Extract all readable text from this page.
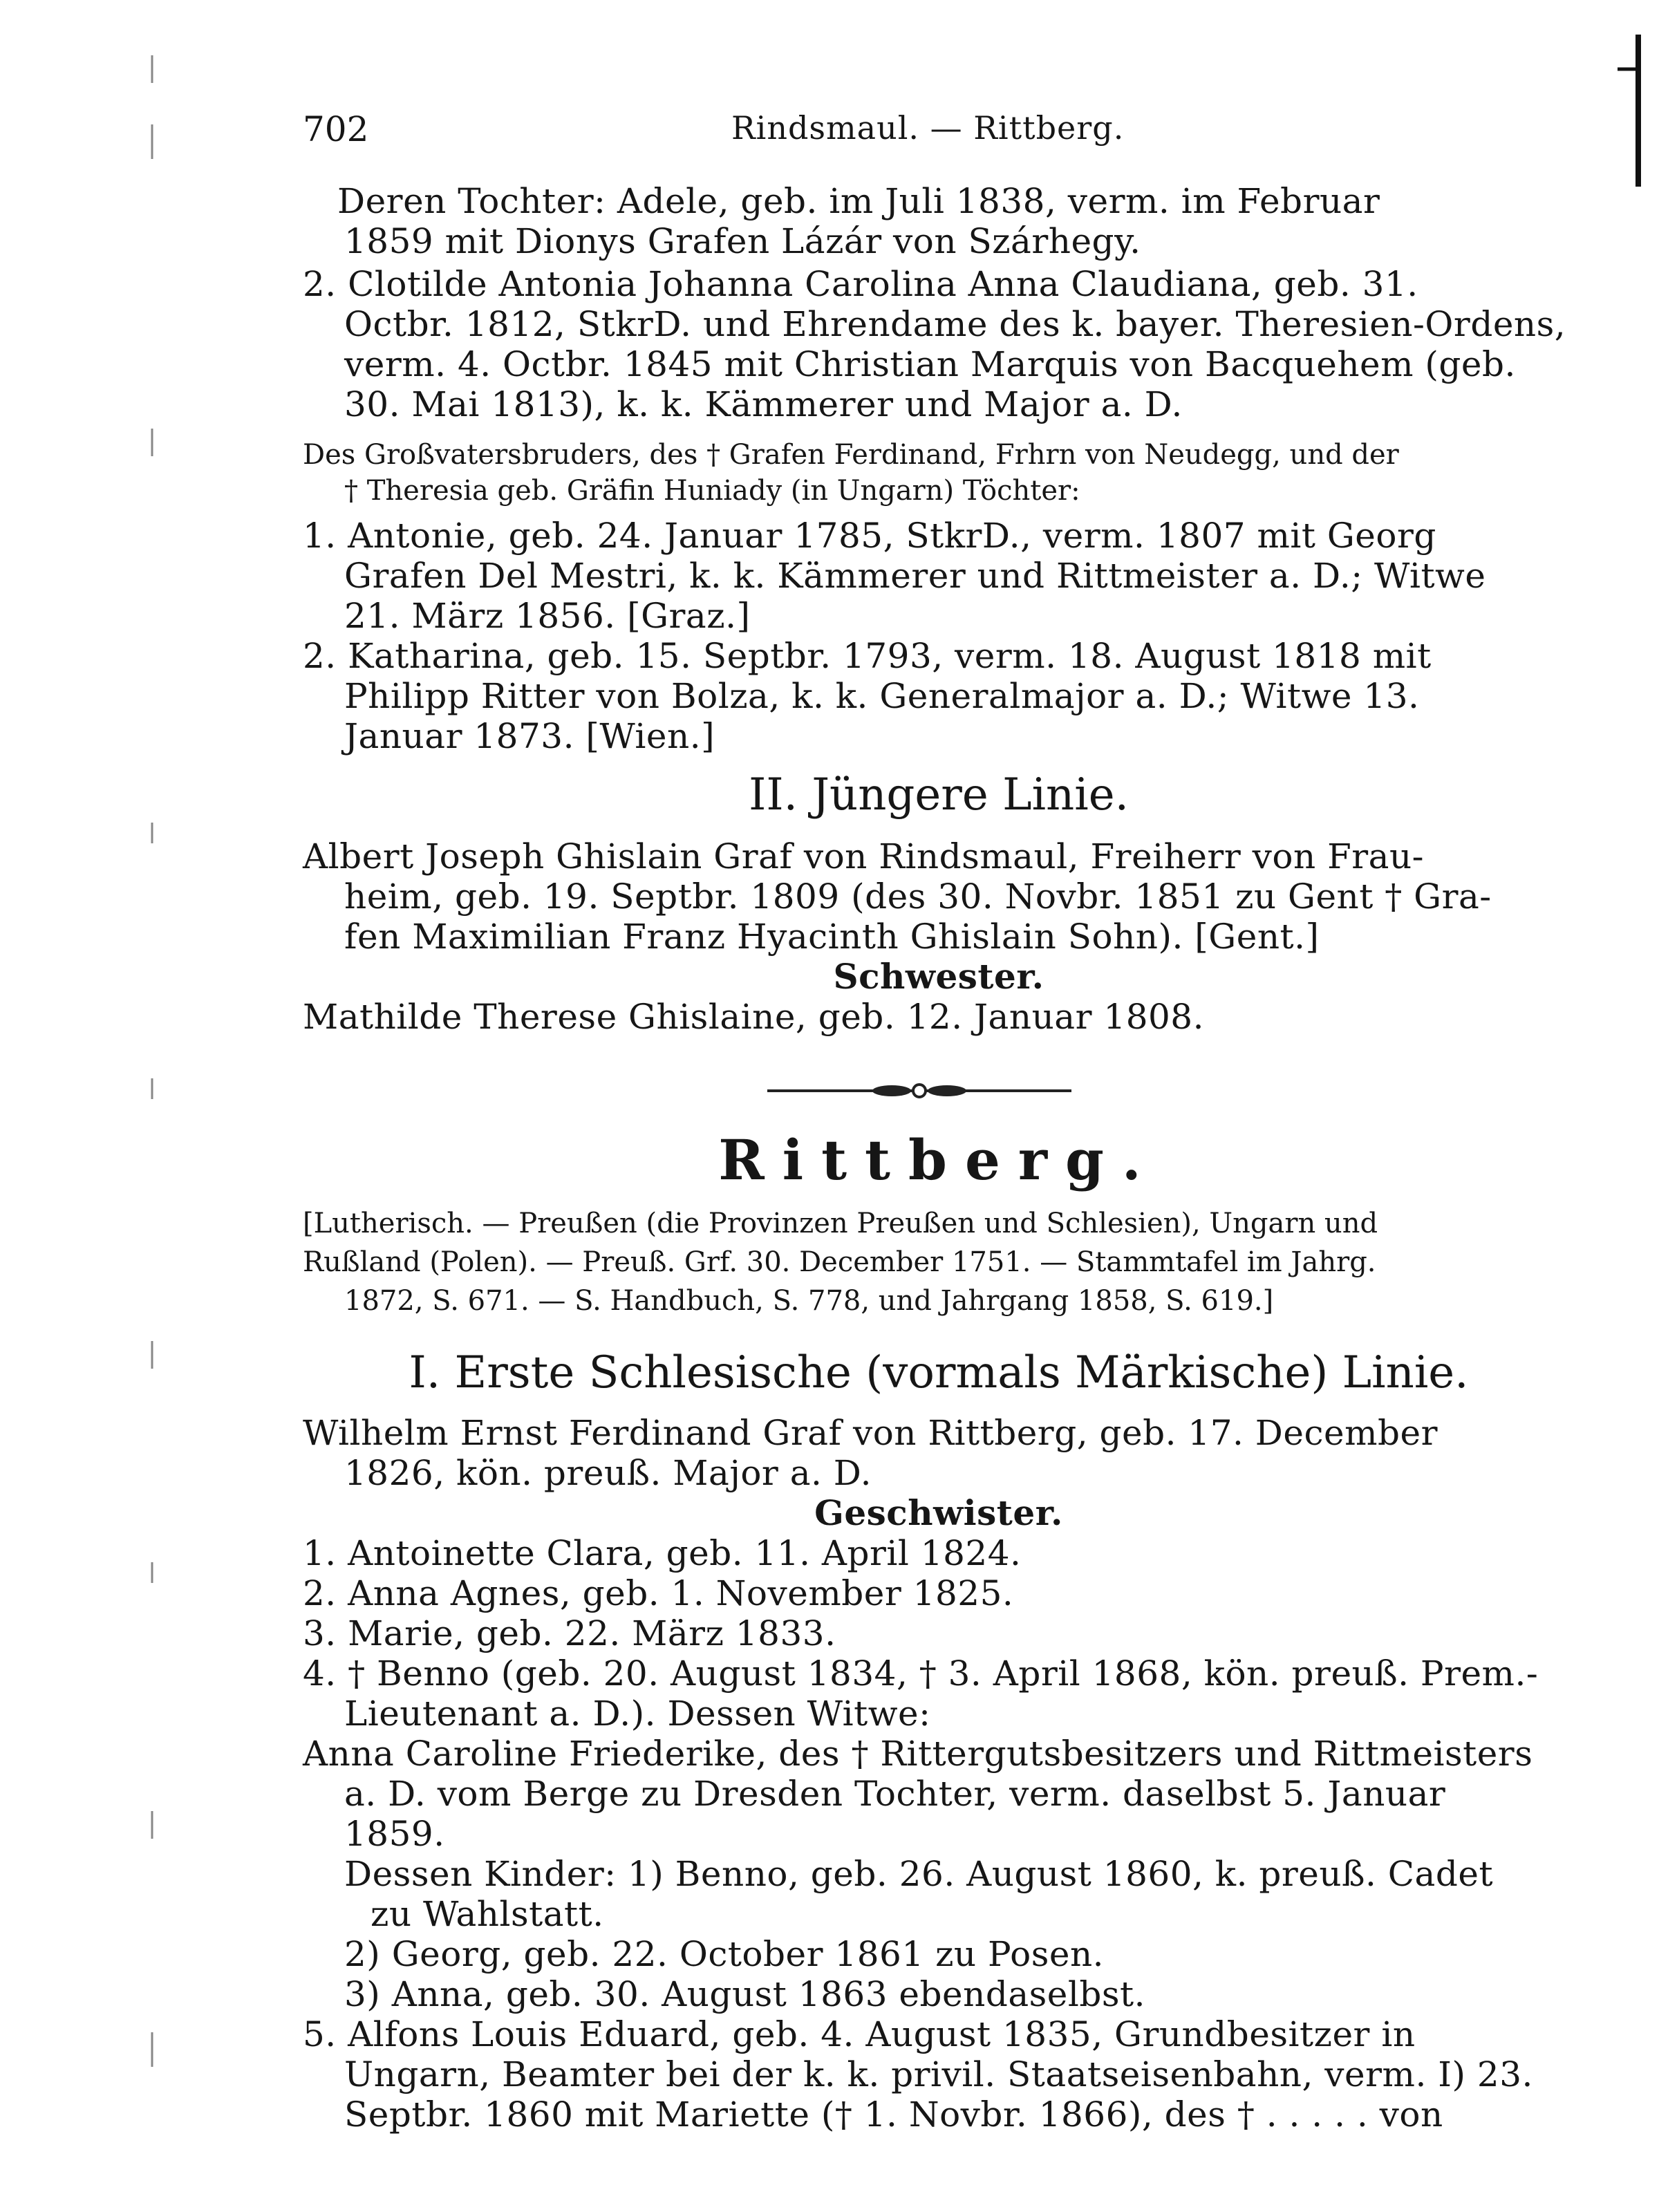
702	Rindsmaul. — Rittberg.

Deren Tochter: Adele, geb. im Juli 1838, verm. im Februar

1859 mit Dionys Grafen Lázár von Szárhegy.

2. Clotilde Antonia Johanna Carolina Anna Claudiana, geb. 31.

Octbr. 1812, StkrD. und Ehrendame des k. bayer. Theresien-Ordens,

verm. 4. Octbr. 1845 mit Christian Marquis von Bacquehem (geb.

30. Mai 1813), k. k. Kämmerer und Major a. D.

Des Großvatersbruders, des † Grafen Ferdinand, Frhrn von Neudegg, und der

† Theresia geb. Gräfin Huniady (in Ungarn) Töchter:

1. Antonie, geb. 24. Januar 1785, StkrD., verm. 1807 mit Georg

Grafen Del Mestri, k. k. Kämmerer und Rittmeister a. D.; Witwe

21. März 1856. [Graz.]

2. Katharina, geb. 15. Septbr. 1793, verm. 18. August 1818 mit

Philipp Ritter von Bolza, k. k. Generalmajor a. D.; Witwe 13.

Januar 1873. [Wien.]

II. Jüngere Linie.

Albert Joseph Ghislain Graf von Rindsmaul, Freiherr von Frau-

heim, geb. 19. Septbr. 1809 (des 30. Novbr. 1851 zu Gent † Gra-

fen Maximilian Franz Hyacinth Ghislain Sohn). [Gent.]

Schwester.

Mathilde Therese Ghislaine, geb. 12. Januar 1808.

Rittberg.

[Lutherisch. — Preußen (die Provinzen Preußen und Schlesien), Ungarn und

Rußland (Polen). — Preuß. Grf. 30. December 1751. — Stammtafel im Jahrg.

1872, S. 671. — S. Handbuch, S. 778, und Jahrgang 1858, S. 619.]

I. Erste Schlesische (vormals Märkische) Linie.

Wilhelm Ernst Ferdinand Graf von Rittberg, geb. 17. December

1826, kön. preuß. Major a. D.

Geschwister.

1. Antoinette Clara, geb. 11. April 1824.

2. Anna Agnes, geb. 1. November 1825.

3. Marie, geb. 22. März 1833.

4. † Benno (geb. 20. August 1834, † 3. April 1868, kön. preuß. Prem.-

Lieutenant a. D.). Dessen Witwe:

Anna Caroline Friederike, des † Rittergutsbesitzers und Rittmeisters

a. D. vom Berge zu Dresden Tochter, verm. daselbst 5. Januar

1859.

Dessen Kinder: 1) Benno, geb. 26. August 1860, k. preuß. Cadet

zu Wahlstatt.

2) Georg, geb. 22. October 1861 zu Posen.

3) Anna, geb. 30. August 1863 ebendaselbst.

5. Alfons Louis Eduard, geb. 4. August 1835, Grundbesitzer in

Ungarn, Beamter bei der k. k. privil. Staatseisenbahn, verm. I) 23.

Septbr. 1860 mit Mariette († 1. Novbr. 1866), des † . . . . . von
